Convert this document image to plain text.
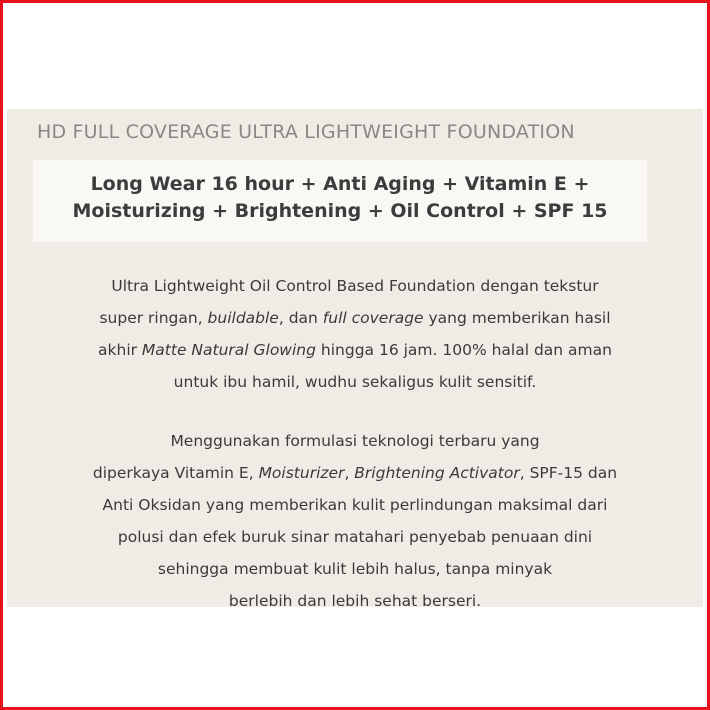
HD FULL COVERAGE ULTRA LIGHTWEIGHT FOUNDATION
Long Wear 16 hour + Anti Aging + Vitamin E +
Moisturizing + Brightening + Oil Control + SPF 15
Ultra Lightweight Oil Control Based Foundation dengan tekstur
super ringan, buildable, dan full coverage yang memberikan hasil
akhir Matte Natural Glowing hingga 16 jam. 100% halal dan aman
untuk ibu hamil, wudhu sekaligus kulit sensitif.
Menggunakan formulasi teknologi terbaru yang
diperkaya Vitamin E, Moisturizer, Brightening Activator, SPF-15 dan
Anti Oksidan yang memberikan kulit perlindungan maksimal dari
polusi dan efek buruk sinar matahari penyebab penuaan dini
sehingga membuat kulit lebih halus, tanpa minyak
berlebih dan lebih sehat berseri.
